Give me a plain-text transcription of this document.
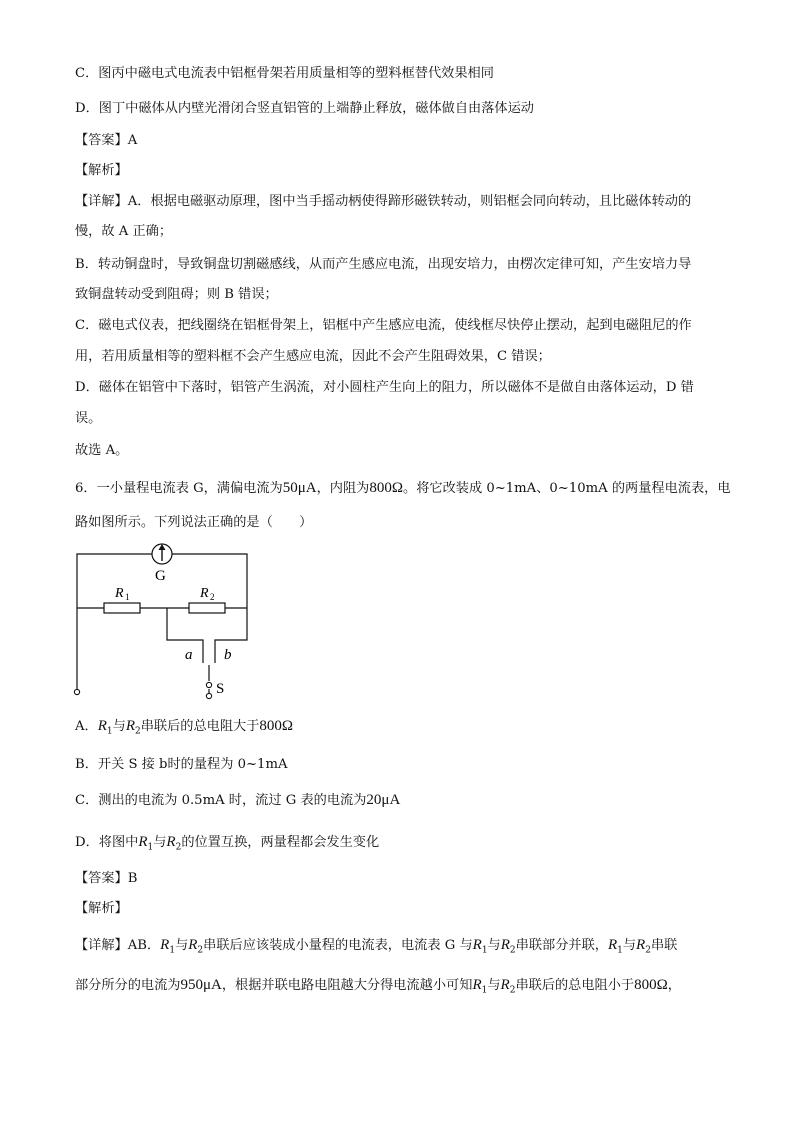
C．图丙中磁电式电流表中铝框骨架若用质量相等的塑料框替代效果相同
D．图丁中磁体从内壁光滑闭合竖直铝管的上端静止释放，磁体做自由落体运动
【答案】A
【解析】
【详解】A．根据电磁驱动原理，图中当手摇动柄使得蹄形磁铁转动，则铝框会同向转动，且比磁体转动的
慢，故 A 正确；
B．转动铜盘时，导致铜盘切割磁感线，从而产生感应电流，出现安培力，由楞次定律可知，产生安培力导
致铜盘转动受到阻碍；则 B 错误；
C．磁电式仪表，把线圈绕在铝框骨架上，铝框中产生感应电流，使线框尽快停止摆动，起到电磁阻尼的作
用，若用质量相等的塑料框不会产生感应电流，因此不会产生阻碍效果，C 错误；
D．磁体在铝管中下落时，铝管产生涡流，对小圆柱产生向上的阻力，所以磁体不是做自由落体运动，D 错
误。
故选 A。
6．一小量程电流表 G，满偏电流为50μA，内阻为800Ω。将它改装成 0~1mA、0~10mA 的两量程电流表，电
路如图所示。下列说法正确的是（　　）
G
R 1	R 2
a b
S
A．$R_1$与$R_2$串联后的总电阻大于800Ω
B．开关 S 接 b时的量程为 0~1mA
C．测出的电流为 0.5mA 时，流过 G 表的电流为20μA
D．将图中$R_1$与$R_2$的位置互换，两量程都会发生变化
【答案】B
【解析】
【详解】AB．$R_1$与$R_2$串联后应该装成小量程的电流表，电流表 G 与$R_1$与$R_2$串联部分并联，$R_1$与$R_2$串联
部分所分的电流为950μA，根据并联电路电阻越大分得电流越小可知$R_1$与$R_2$串联后的总电阻小于800Ω，
